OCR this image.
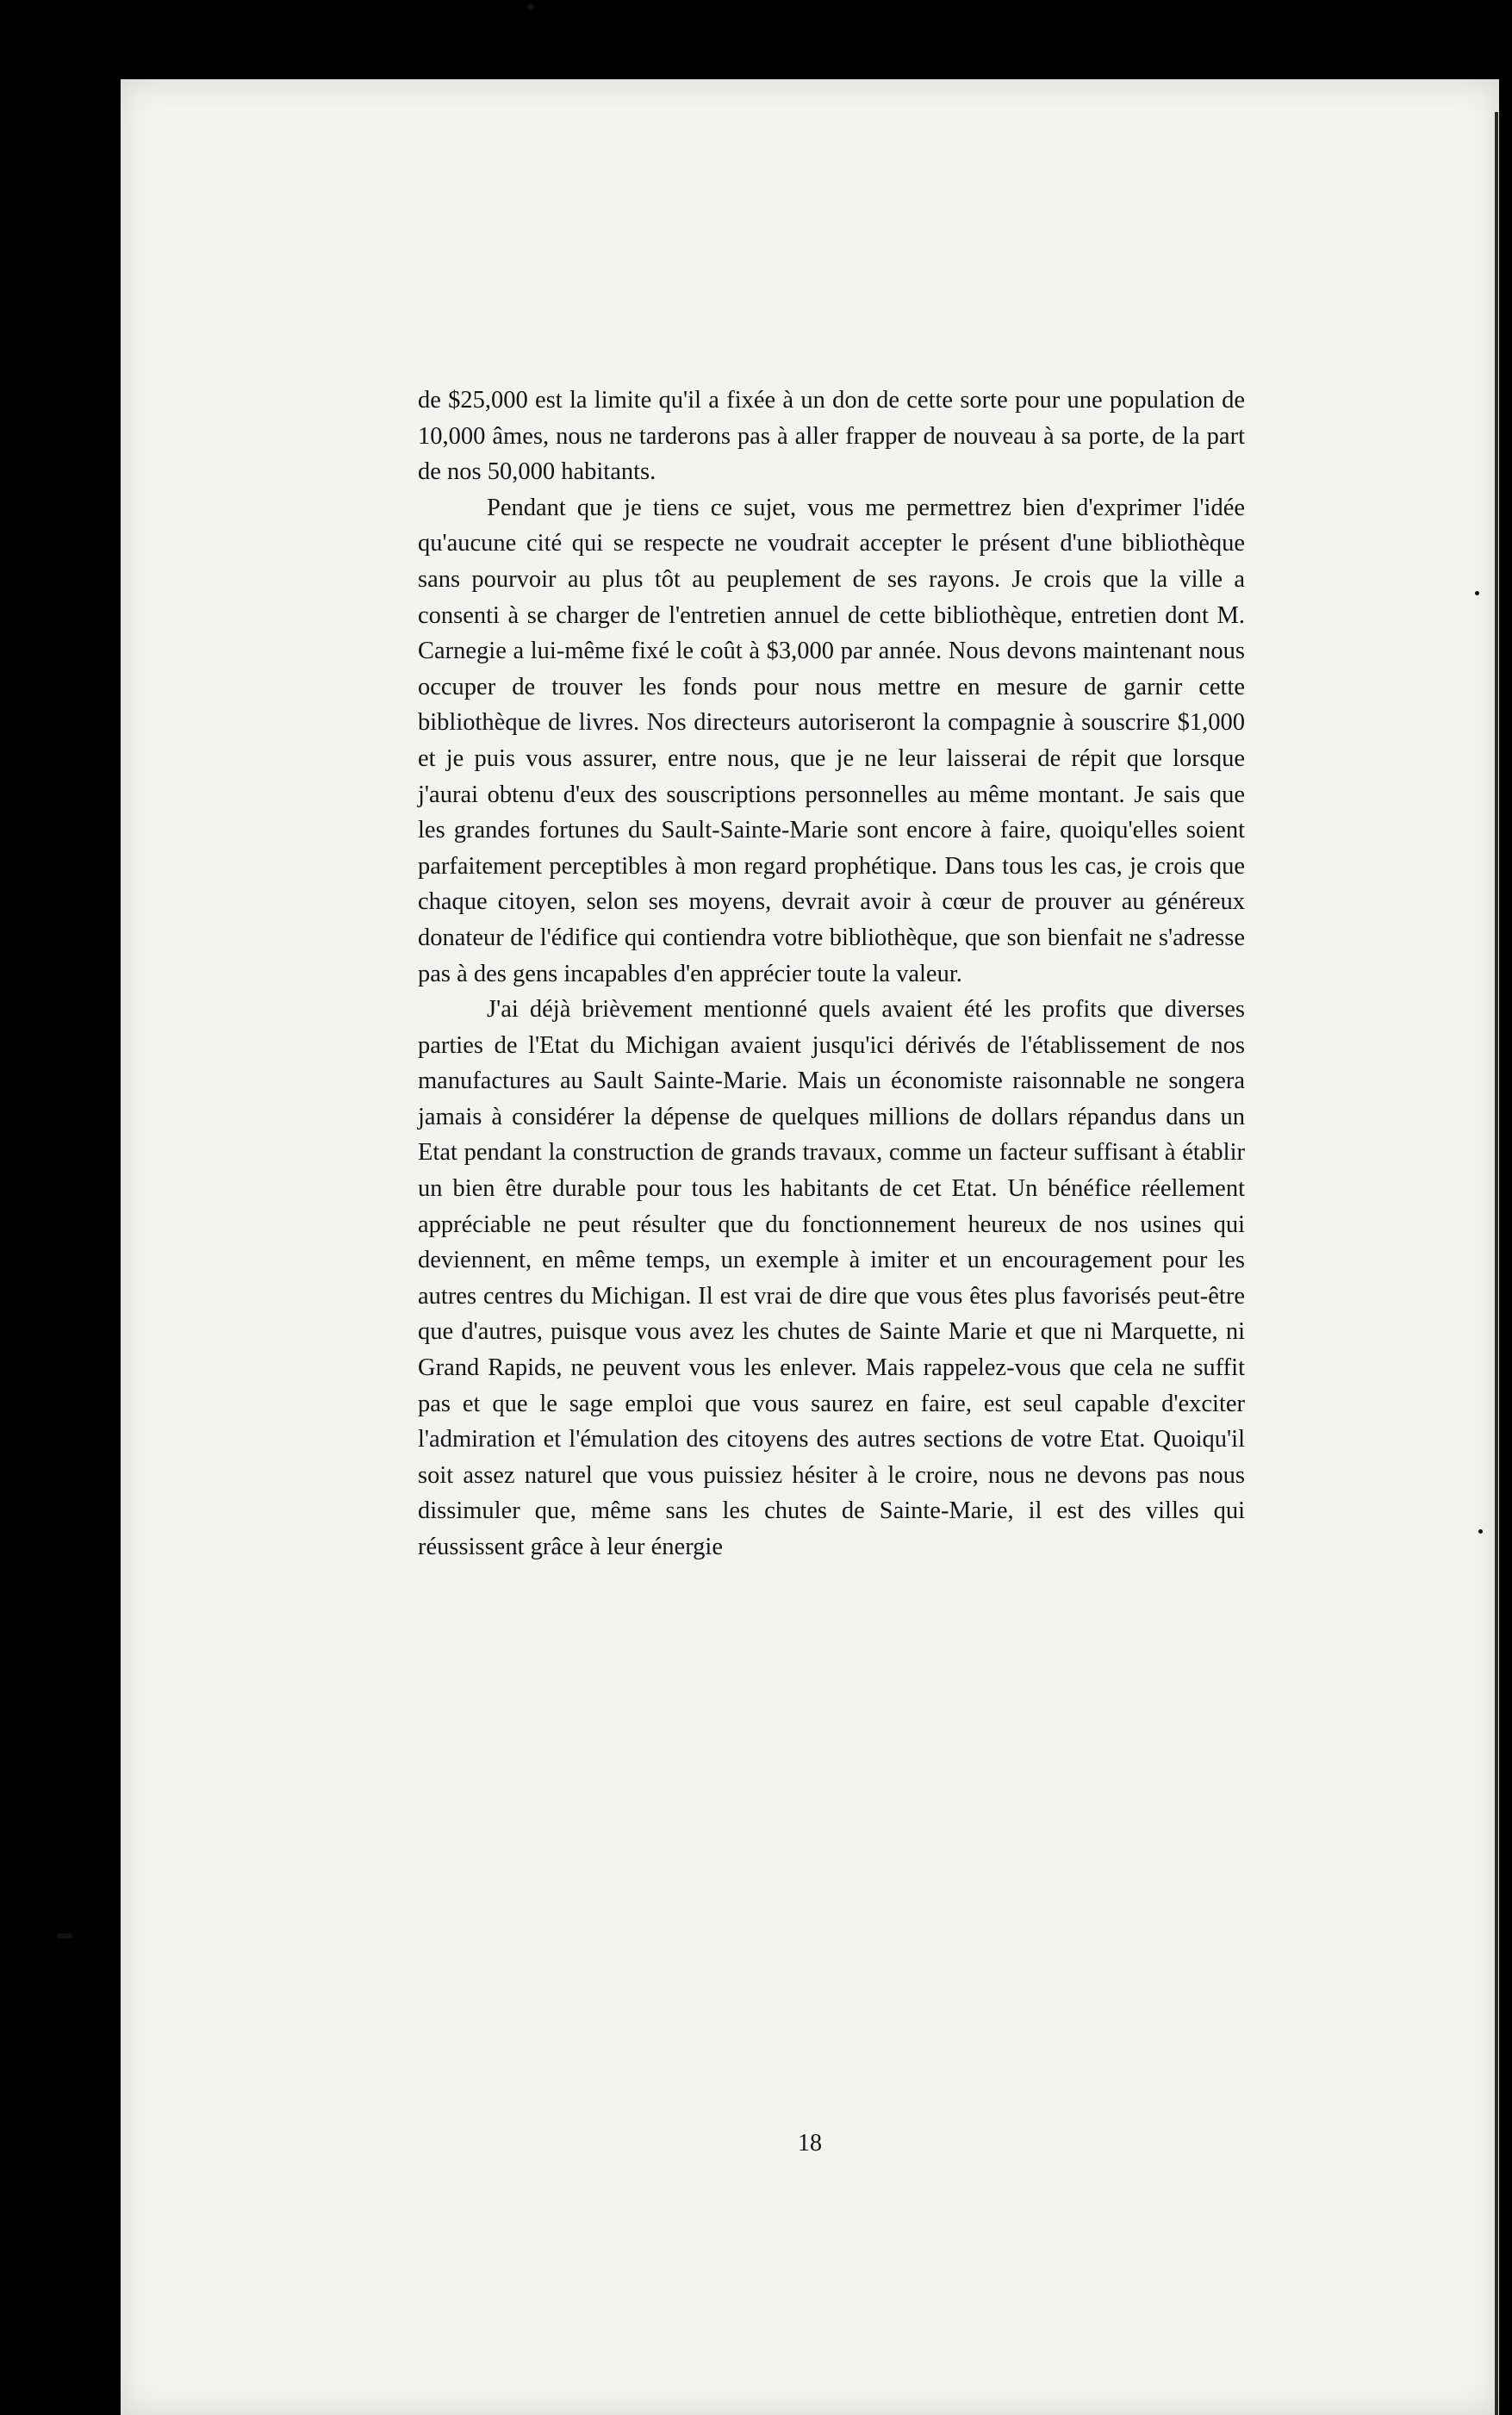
de $25,000 est la limite qu'il a fixée à un don de cette sorte pour une population de 10,000 âmes, nous ne tarderons pas à aller frapper de nouveau à sa porte, de la part de nos 50,000 habitants.

Pendant que je tiens ce sujet, vous me permettrez bien d'exprimer l'idée qu'aucune cité qui se respecte ne voudrait accepter le présent d'une bibliothèque sans pourvoir au plus tôt au peuplement de ses rayons. Je crois que la ville a consenti à se charger de l'entretien annuel de cette bibliothèque, entretien dont M. Carnegie a lui-même fixé le coût à $3,000 par année. Nous devons maintenant nous occuper de trouver les fonds pour nous mettre en mesure de garnir cette bibliothèque de livres. Nos directeurs autoriseront la compagnie à souscrire $1,000 et je puis vous assurer, entre nous, que je ne leur laisserai de répit que lorsque j'aurai obtenu d'eux des souscriptions personnelles au même montant. Je sais que les grandes fortunes du Sault-Sainte-Marie sont encore à faire, quoiqu'elles soient parfaitement perceptibles à mon regard prophétique. Dans tous les cas, je crois que chaque citoyen, selon ses moyens, devrait avoir à cœur de prouver au généreux donateur de l'édifice qui contiendra votre bibliothèque, que son bienfait ne s'adresse pas à des gens incapables d'en apprécier toute la valeur.

J'ai déjà brièvement mentionné quels avaient été les profits que diverses parties de l'Etat du Michigan avaient jusqu'ici dérivés de l'établissement de nos manufactures au Sault Sainte-Marie. Mais un économiste raisonnable ne songera jamais à considérer la dépense de quelques millions de dollars répandus dans un Etat pendant la construction de grands travaux, comme un facteur suffisant à établir un bien être durable pour tous les habitants de cet Etat. Un bénéfice réellement appréciable ne peut résulter que du fonctionnement heureux de nos usines qui deviennent, en même temps, un exemple à imiter et un encouragement pour les autres centres du Michigan. Il est vrai de dire que vous êtes plus favorisés peut-être que d'autres, puisque vous avez les chutes de Sainte Marie et que ni Marquette, ni Grand Rapids, ne peuvent vous les enlever. Mais rappelez-vous que cela ne suffit pas et que le sage emploi que vous saurez en faire, est seul capable d'exciter l'admiration et l'émulation des citoyens des autres sections de votre Etat. Quoiqu'il soit assez naturel que vous puissiez hésiter à le croire, nous ne devons pas nous dissimuler que, même sans les chutes de Sainte-Marie, il est des villes qui réussissent grâce à leur énergie

18
